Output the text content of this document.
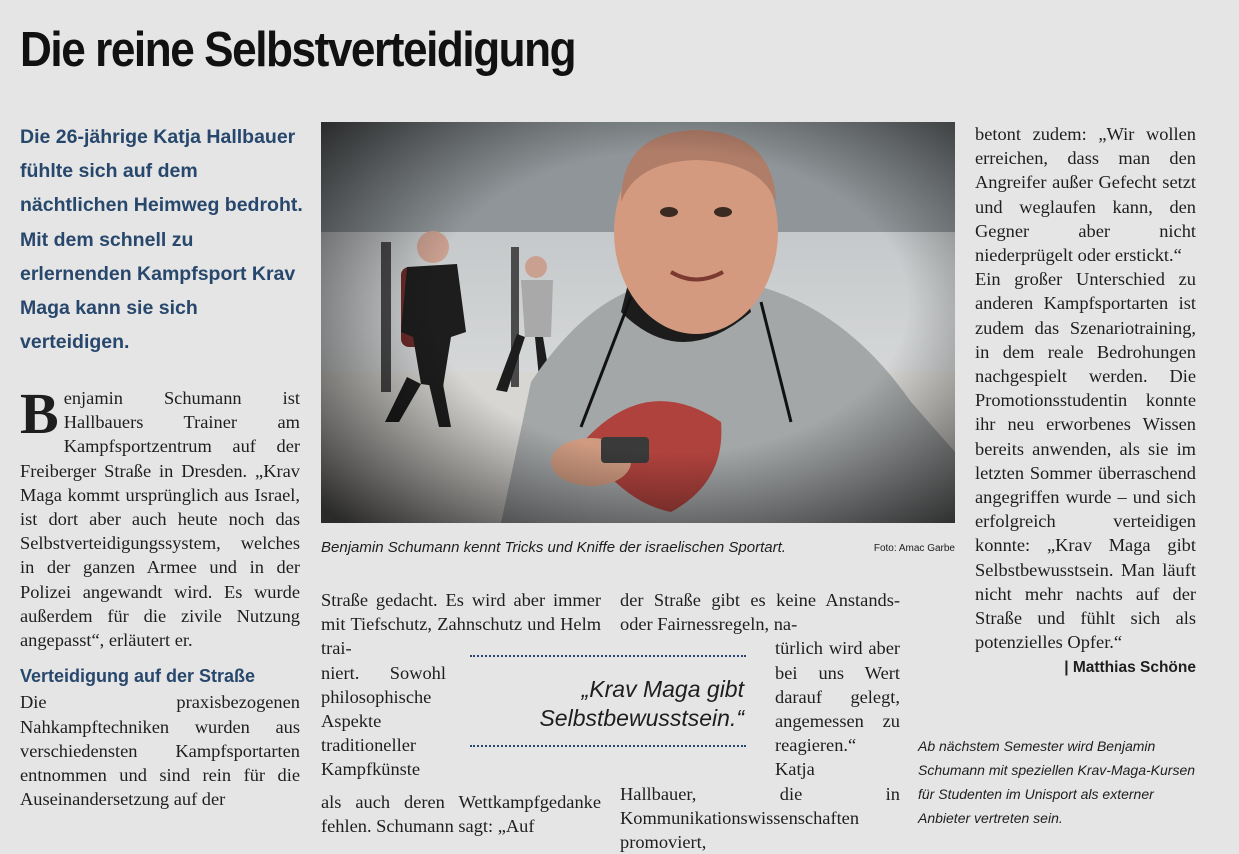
Die reine Selbstverteidigung

Die 26-jährige Katja Hallbauer fühlte sich auf dem nächtlichen Heimweg bedroht. Mit dem schnell zu erlernenden Kampfsport Krav Maga kann sie sich verteidigen.

Benjamin Schumann ist Hallbauers Trainer am Kampfsportzentrum auf der Freiberger Straße in Dresden. „Krav Maga kommt ursprünglich aus Israel, ist dort aber auch heute noch das Selbstverteidigungssystem, welches in der ganzen Armee und in der Polizei angewandt wird. Es wurde außerdem für die zivile Nutzung angepasst“, erläutert er.

Verteidigung auf der Straße

Die praxisbezogenen Nahkampftechniken wurden aus verschiedensten Kampfsportarten entnommen und sind rein für die Auseinandersetzung auf der

Benjamin Schumann kennt Tricks und Kniffe der israelischen Sportart.	Foto: Amac Garbe

Straße gedacht. Es wird aber immer mit Tiefschutz, Zahnschutz und Helm trai-

niert. Sowohl philosophische Aspekte traditioneller Kampfkünste

als auch deren Wettkampfgedanke fehlen. Schumann sagt: „Auf

„Krav Maga gibt Selbstbewusstsein.“

der Straße gibt es keine Anstands- oder Fairnessregeln, na-

türlich wird aber bei uns Wert darauf gelegt, angemessen zu reagieren.“ Katja

Hallbauer, die in Kommunikationswissenschaften promoviert,

betont zudem: „Wir wollen erreichen, dass man den Angreifer außer Gefecht setzt und weglaufen kann, den Gegner aber nicht niederprügelt oder erstickt.“

Ein großer Unterschied zu anderen Kampfsportarten ist zudem das Szenariotraining, in dem reale Bedrohungen nachgespielt werden. Die Promotionsstudentin konnte ihr neu erworbenes Wissen bereits anwenden, als sie im letzten Sommer überraschend angegriffen wurde – und sich erfolgreich verteidigen konnte: „Krav Maga gibt Selbstbewusstsein. Man läuft nicht mehr nachts auf der Straße und fühlt sich als potenzielles Opfer.“

| Matthias Schöne
Ab nächstem Semester wird Benjamin Schumann mit speziellen Krav-Maga-Kursen für Studenten im Unisport als externer Anbieter vertreten sein.
